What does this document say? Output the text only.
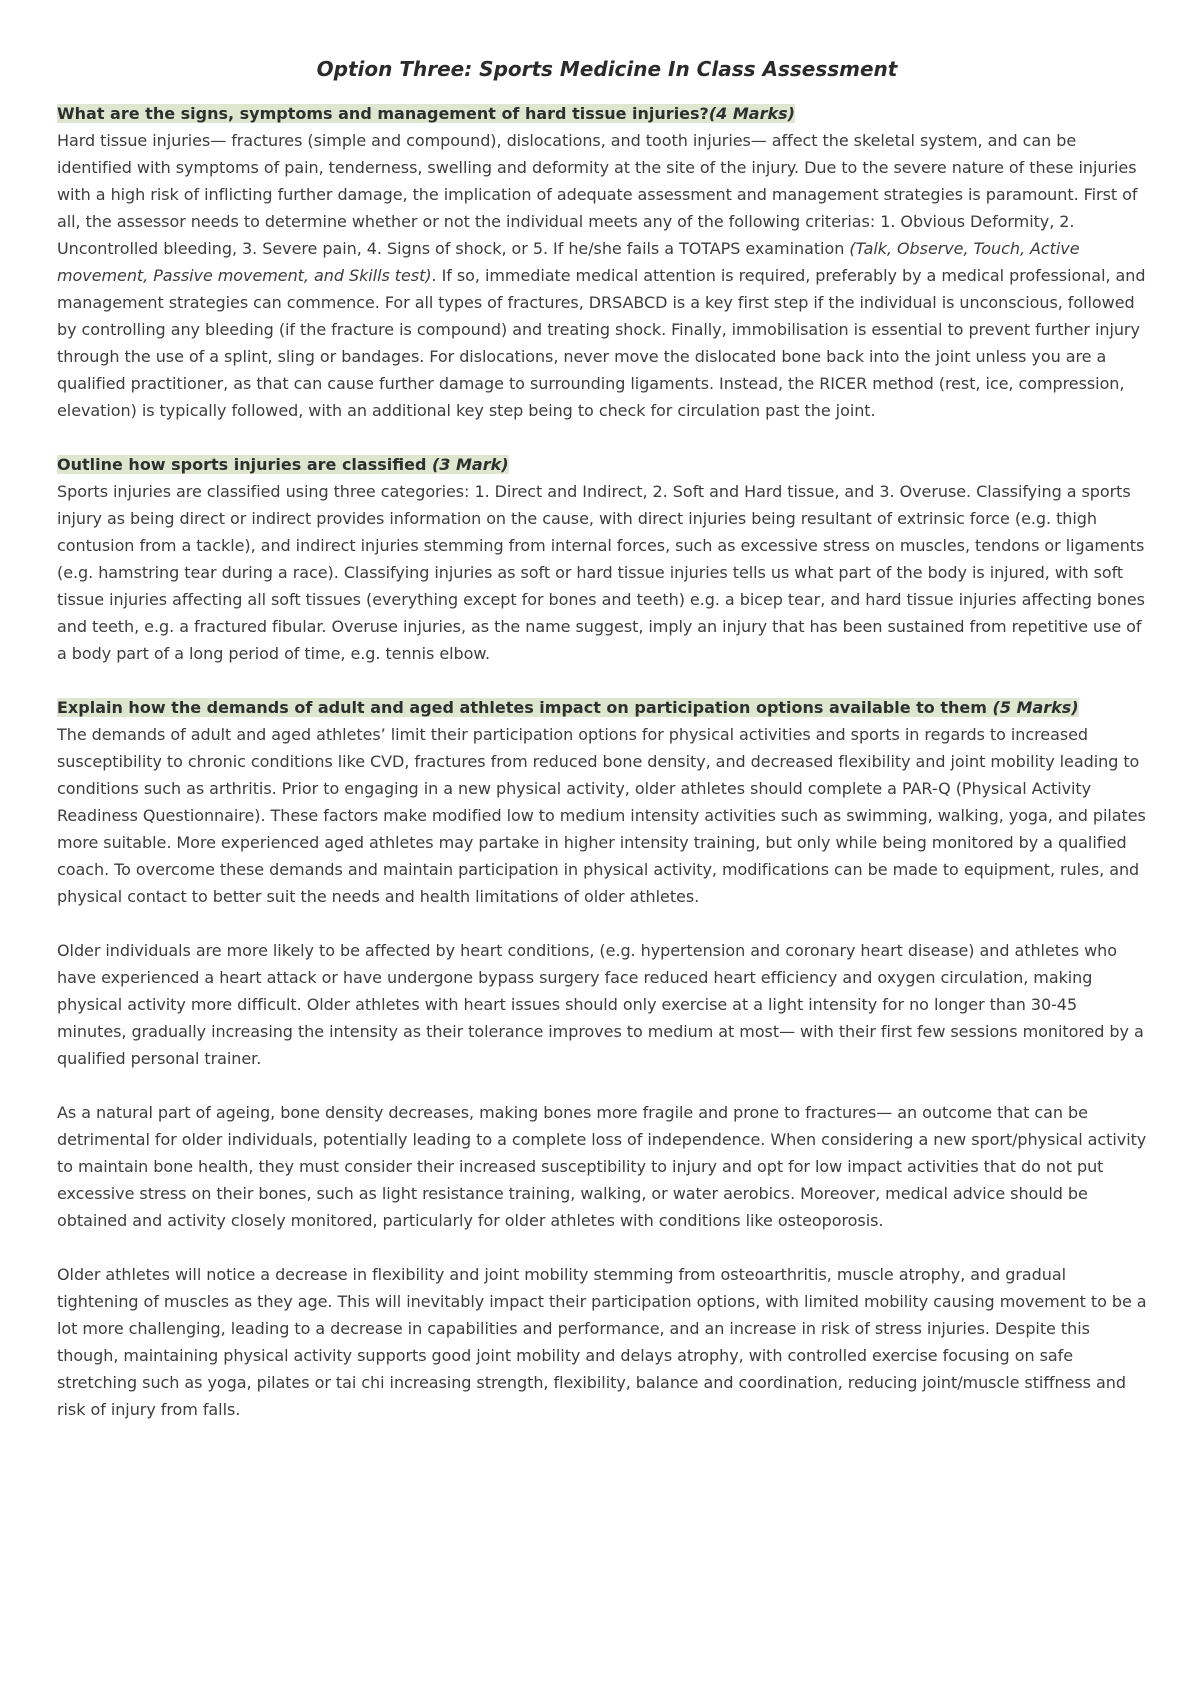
Option Three: Sports Medicine In Class Assessment

What are the signs, symptoms and management of hard tissue injuries?(4 Marks)

Hard tissue injuries— fractures (simple and compound), dislocations, and tooth injuries— affect the skeletal system, and can be identified with symptoms of pain, tenderness, swelling and deformity at the site of the injury. Due to the severe nature of these injuries with a high risk of inflicting further damage, the implication of adequate assessment and management strategies is paramount. First of all, the assessor needs to determine whether or not the individual meets any of the following criterias: 1. Obvious Deformity, 2. Uncontrolled bleeding, 3. Severe pain, 4. Signs of shock, or 5. If he/she fails a TOTAPS examination (Talk, Observe, Touch, Active movement, Passive movement, and Skills test). If so, immediate medical attention is required, preferably by a medical professional, and management strategies can commence. For all types of fractures, DRSABCD is a key first step if the individual is unconscious, followed by controlling any bleeding (if the fracture is compound) and treating shock. Finally, immobilisation is essential to prevent further injury through the use of a splint, sling or bandages. For dislocations, never move the dislocated bone back into the joint unless you are a qualified practitioner, as that can cause further damage to surrounding ligaments. Instead, the RICER method (rest, ice, compression, elevation) is typically followed, with an additional key step being to check for circulation past the joint.

Outline how sports injuries are classified (3 Mark)

Sports injuries are classified using three categories: 1. Direct and Indirect, 2. Soft and Hard tissue, and 3. Overuse. Classifying a sports injury as being direct or indirect provides information on the cause, with direct injuries being resultant of extrinsic force (e.g. thigh contusion from a tackle), and indirect injuries stemming from internal forces, such as excessive stress on muscles, tendons or ligaments (e.g. hamstring tear during a race). Classifying injuries as soft or hard tissue injuries tells us what part of the body is injured, with soft tissue injuries affecting all soft tissues (everything except for bones and teeth) e.g. a bicep tear, and hard tissue injuries affecting bones and teeth, e.g. a fractured fibular. Overuse injuries, as the name suggest, imply an injury that has been sustained from repetitive use of a body part of a long period of time, e.g. tennis elbow.

Explain how the demands of adult and aged athletes impact on participation options available to them (5 Marks)

The demands of adult and aged athletes’ limit their participation options for physical activities and sports in regards to increased susceptibility to chronic conditions like CVD, fractures from reduced bone density, and decreased flexibility and joint mobility leading to conditions such as arthritis. Prior to engaging in a new physical activity, older athletes should complete a PAR-Q (Physical Activity Readiness Questionnaire). These factors make modified low to medium intensity activities such as swimming, walking, yoga, and pilates more suitable. More experienced aged athletes may partake in higher intensity training, but only while being monitored by a qualified coach. To overcome these demands and maintain participation in physical activity, modifications can be made to equipment, rules, and physical contact to better suit the needs and health limitations of older athletes.

Older individuals are more likely to be affected by heart conditions, (e.g. hypertension and coronary heart disease) and athletes who have experienced a heart attack or have undergone bypass surgery face reduced heart efficiency and oxygen circulation, making physical activity more difficult. Older athletes with heart issues should only exercise at a light intensity for no longer than 30-45 minutes, gradually increasing the intensity as their tolerance improves to medium at most— with their first few sessions monitored by a qualified personal trainer.

As a natural part of ageing, bone density decreases, making bones more fragile and prone to fractures— an outcome that can be detrimental for older individuals, potentially leading to a complete loss of independence. When considering a new sport/physical activity to maintain bone health, they must consider their increased susceptibility to injury and opt for low impact activities that do not put excessive stress on their bones, such as light resistance training, walking, or water aerobics. Moreover, medical advice should be obtained and activity closely monitored, particularly for older athletes with conditions like osteoporosis.

Older athletes will notice a decrease in flexibility and joint mobility stemming from osteoarthritis, muscle atrophy, and gradual tightening of muscles as they age. This will inevitably impact their participation options, with limited mobility causing movement to be a lot more challenging, leading to a decrease in capabilities and performance, and an increase in risk of stress injuries. Despite this though, maintaining physical activity supports good joint mobility and delays atrophy, with controlled exercise focusing on safe stretching such as yoga, pilates or tai chi increasing strength, flexibility, balance and coordination, reducing joint/muscle stiffness and risk of injury from falls.
